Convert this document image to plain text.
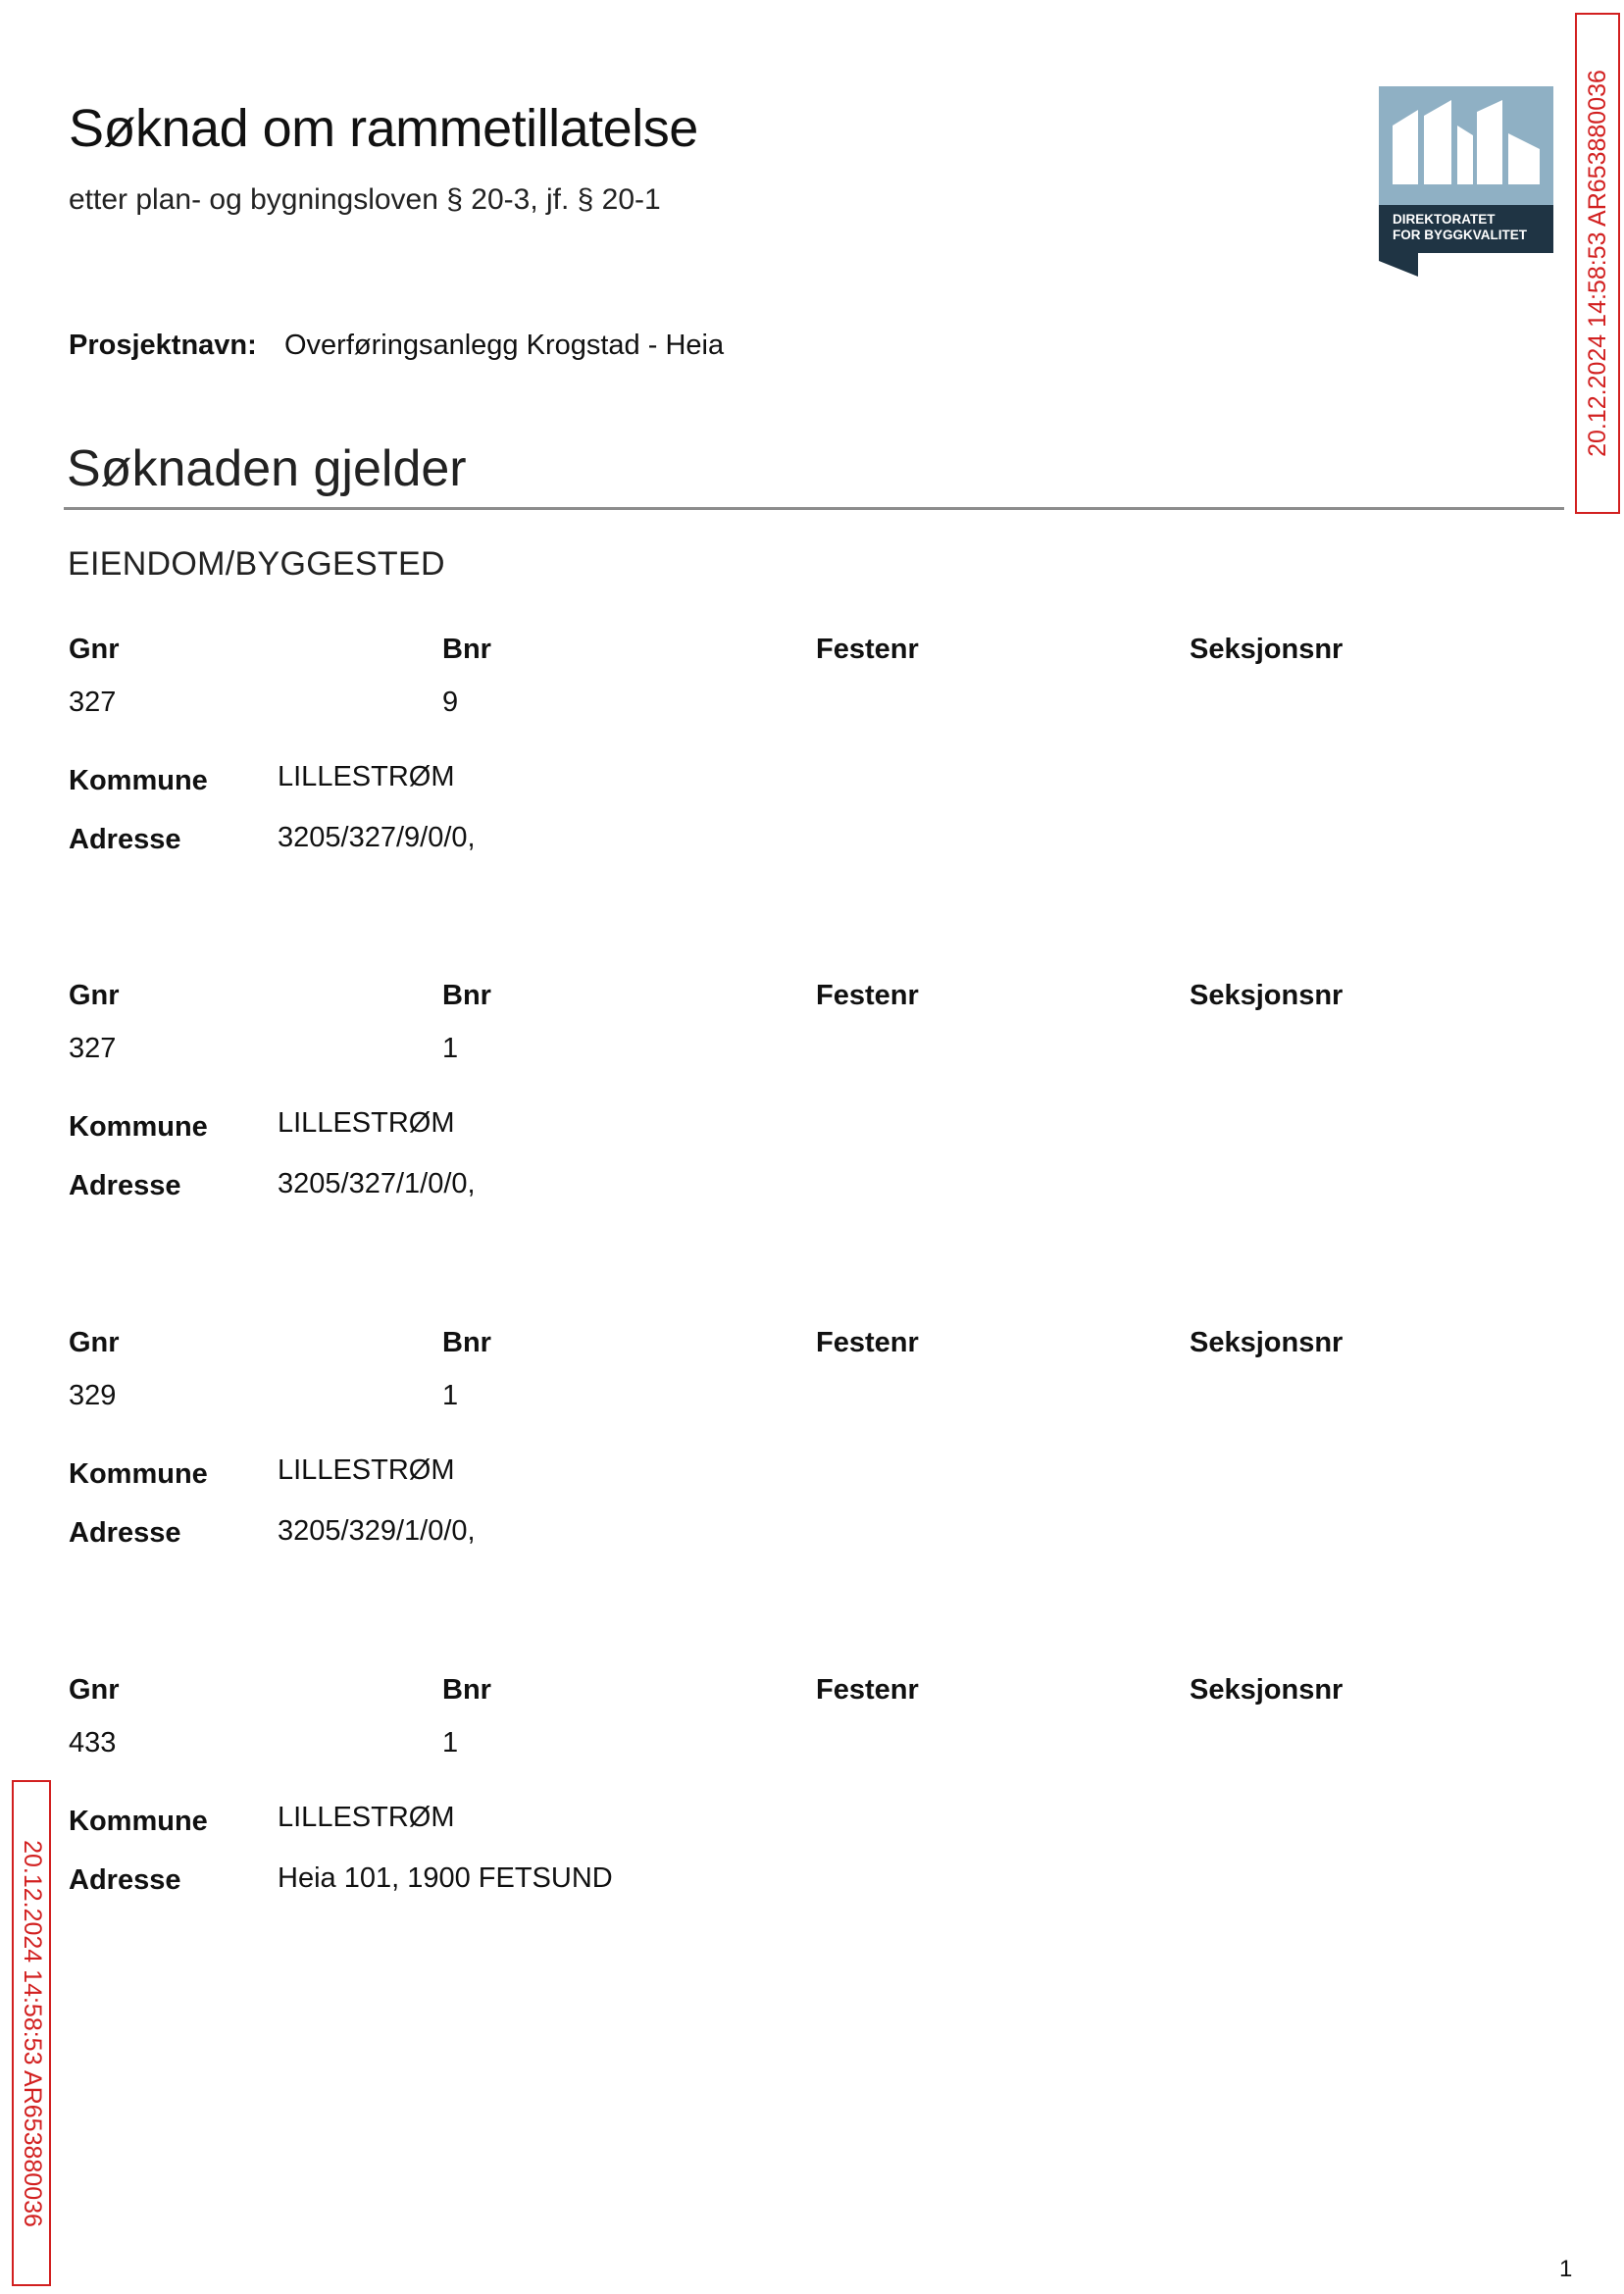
Søknad om rammetillatelse
etter plan- og bygningsloven § 20-3, jf. § 20-1
DIREKTORATET
FOR BYGGKVALITET
Prosjektnavn: Overføringsanlegg Krogstad - Heia
Søknaden gjelder
EIENDOM/BYGGESTED
Gnr	Bnr	Festenr	Seksjonsnr
327	9
Kommune LILLESTRØM
Adresse	3205/327/9/0/0,
Gnr	Bnr	Festenr	Seksjonsnr
327	1
Kommune LILLESTRØM
Adresse	3205/327/1/0/0,
Gnr	Bnr	Festenr	Seksjonsnr
329	1
Kommune LILLESTRØM
Adresse	3205/329/1/0/0,
Gnr	Bnr	Festenr	Seksjonsnr
433	1
Kommune LILLESTRØM
Adresse	Heia 101, 1900 FETSUND
20.12.2024 14:58:53 AR653880036
20.12.2024 14:58:53 AR653880036
1
